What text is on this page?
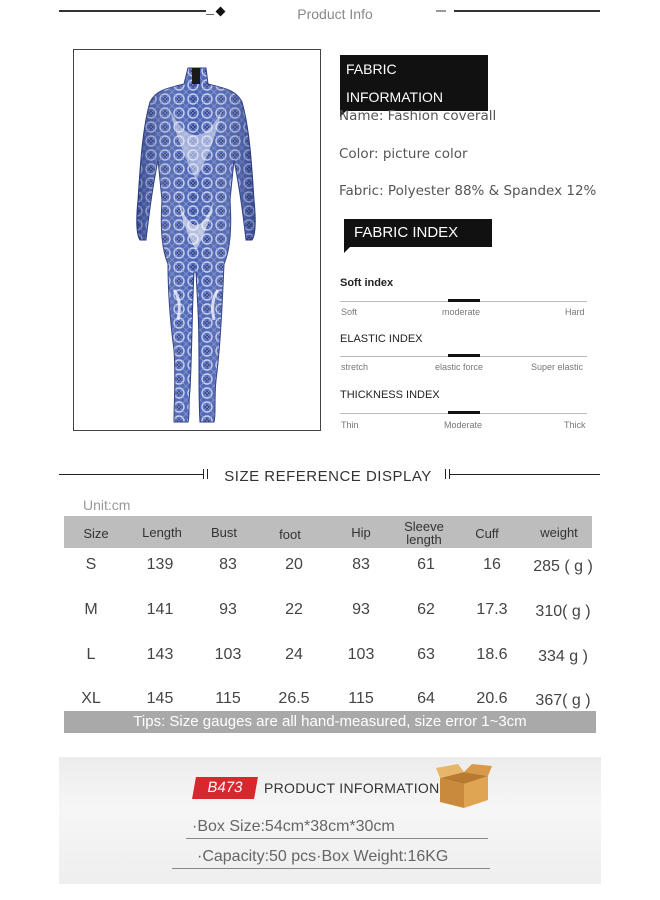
Product Info
FABRIC INFORMATION
Name: Fashion coverall
Color: picture color
Fabric: Polyester 88% & Spandex 12%
FABRIC INDEX
Soft index
Soft	moderate	Hard
ELASTIC INDEX
stretch	elastic force	Super elastic
THICKNESS INDEX
Thin	Moderate	Thick
SIZE REFERENCE DISPLAY
Unit:cm
Size	Length	Bust	foot	Hip	Sleeve length	Cuff	weight
S	139	83	20	83	61	16	285 ( g )
M	141	93	22	93	62	17.3	310( g )
L	143	103	24	103	63	18.6	334 g )
XL	145	115	26.5	115	64	20.6	367( g )
Tips: Size gauges are all hand-measured, size error 1~3cm
B473	PRODUCT INFORMATION
·Box Size:54cm*38cm*30cm
·Capacity:50 pcs·Box Weight:16KG
